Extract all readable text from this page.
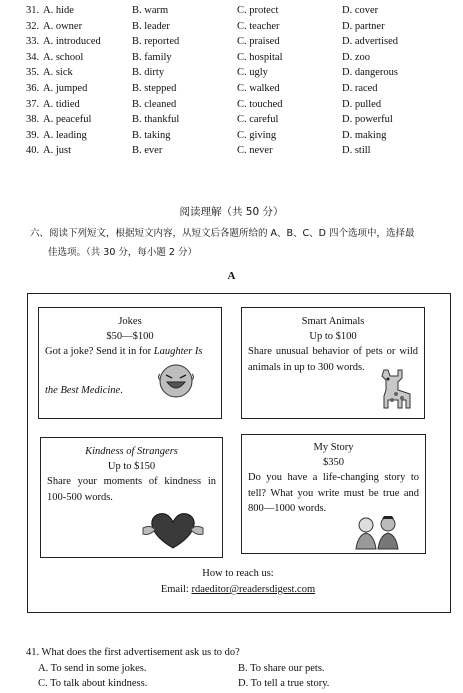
31. A. hide	B. warm	C. protect	D. cover
32. A. owner	B. leader	C. teacher	D. partner
33. A. introduced	B. reported	C. praised	D. advertised
34. A. school	B. family	C. hospital	D. zoo
35. A. sick	B. dirty	C. ugly	D. dangerous
36. A. jumped	B. stepped	C. walked	D. raced
37. A. tidied	B. cleaned	C. touched	D. pulled
38. A. peaceful	B. thankful	C. careful	D. powerful
39. A. leading	B. taking	C. giving	D. making
40. A. just	B. ever	C. never	D. still
阅读理解（共 50 分）
六、阅读下列短文，根据短文内容，从短文后各题所给的 A、B、C、D 四个选项中，选择最
佳选项。（共 30 分，每小题 2 分）
A
Jokes
$50—$100
Got a joke? Send it in for Laughter Is
the Best Medicine.
Smart Animals
Up to $100
Share unusual behavior of pets or wild animals in up to 300 words.
Kindness of Strangers
Up to $150
Share your moments of kindness in 100-500 words.
My Story
$350
Do you have a life-changing story to tell? What you write must be true and 800—1000 words.
How to reach us:
Email: rdaeditor@readersdigest.com
41. What does the first advertisement ask us to do?
A. To send in some jokes.	B. To share our pets.
C. To talk about kindness.	D. To tell a true story.
